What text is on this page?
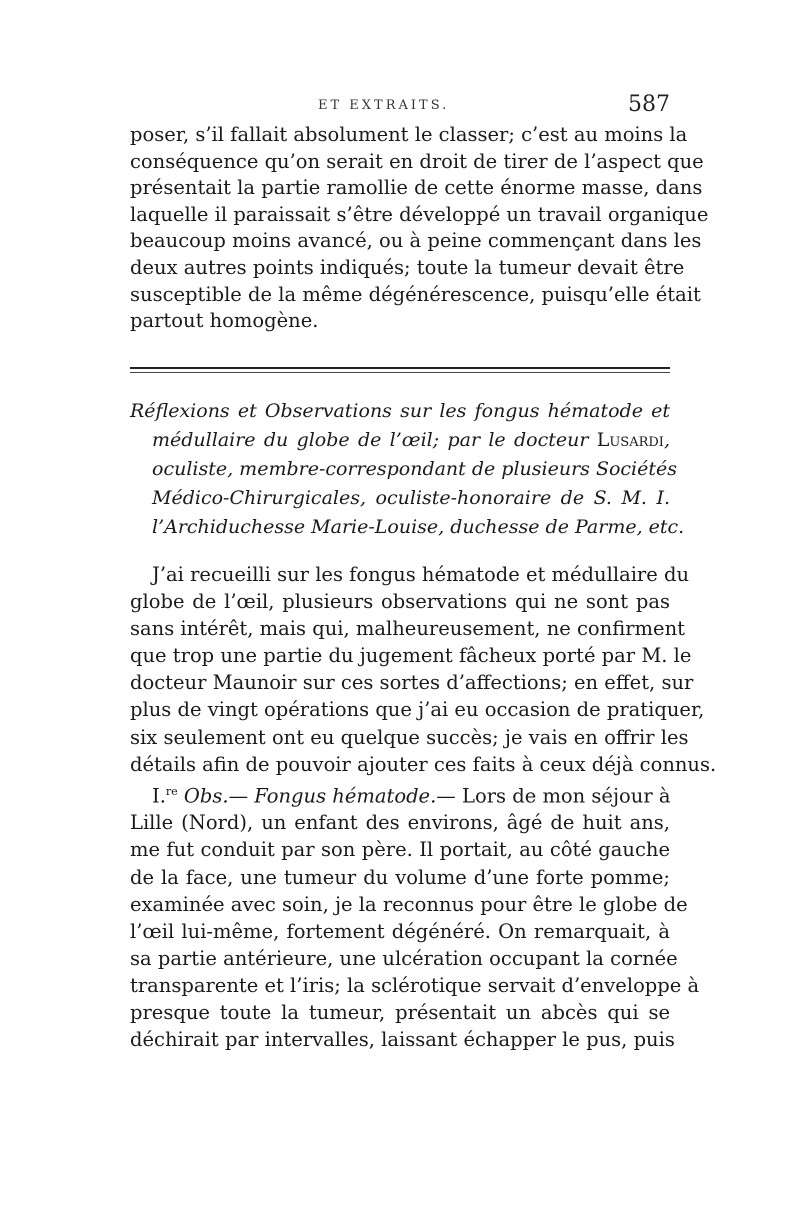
ET EXTRAITS.	587
poser, s’il fallait absolument le classer; c’est au moins la
conséquence qu’on serait en droit de tirer de l’aspect que
présentait la partie ramollie de cette énorme masse, dans
laquelle il paraissait s’être développé un travail organique
beaucoup moins avancé, ou à peine commençant dans les
deux autres points indiqués; toute la tumeur devait être
susceptible de la même dégénérescence, puisqu’elle était
partout homogène.
Réflexions et Observations sur les fongus hématode et
médullaire du globe de l’œil; par le docteur Lusardi,
oculiste, membre-correspondant de plusieurs Sociétés
Médico-Chirurgicales, oculiste-honoraire de S. M. I.
l’Archiduchesse Marie-Louise, duchesse de Parme, etc.
J’ai recueilli sur les fongus hématode et médullaire du
globe de l’œil, plusieurs observations qui ne sont pas
sans intérêt, mais qui, malheureusement, ne confirment
que trop une partie du jugement fâcheux porté par M. le
docteur Maunoir sur ces sortes d’affections; en effet, sur
plus de vingt opérations que j’ai eu occasion de pratiquer,
six seulement ont eu quelque succès; je vais en offrir les
détails afin de pouvoir ajouter ces faits à ceux déjà connus.
I.$^{re}$ Obs.— Fongus hématode.— Lors de mon séjour à
Lille (Nord), un enfant des environs, âgé de huit ans,
me fut conduit par son père. Il portait, au côté gauche
de la face, une tumeur du volume d’une forte pomme;
examinée avec soin, je la reconnus pour être le globe de
l’œil lui-même, fortement dégénéré. On remarquait, à
sa partie antérieure, une ulcération occupant la cornée
transparente et l’iris; la sclérotique servait d’enveloppe à
presque toute la tumeur, présentait un abcès qui se
déchirait par intervalles, laissant échapper le pus, puis
